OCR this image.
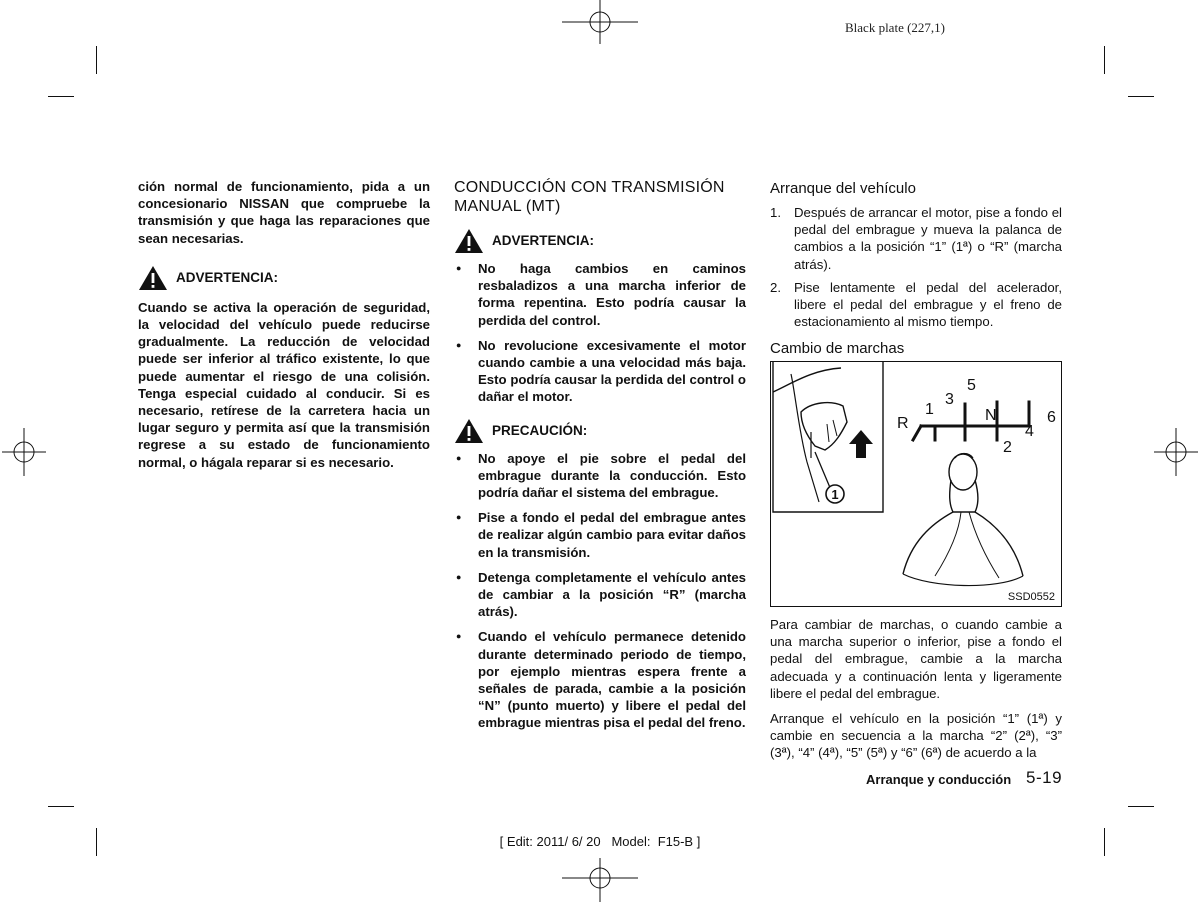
Black plate (227,1)

ción normal de funcionamiento, pida a un concesionario NISSAN que compruebe la transmisión y que haga las reparaciones que sean necesarias.

ADVERTENCIA:

Cuando se activa la operación de seguridad, la velocidad del vehículo puede reducirse gradualmente. La reducción de velocidad puede ser inferior al tráfico existente, lo que puede aumentar el riesgo de una colisión. Tenga especial cuidado al conducir. Si es necesario, retírese de la carretera hacia un lugar seguro y permita así que la transmisión regrese a su estado de funcionamiento normal, o hágala reparar si es necesario.

CONDUCCIÓN CON TRANSMISIÓN MANUAL (MT)
ADVERTENCIA:
● No haga cambios en caminos resbaladizos a una marcha inferior de forma repentina. Esto podría causar la perdida del control.
● No revolucione excesivamente el motor cuando cambie a una velocidad más baja. Esto podría causar la perdida del control o dañar el motor.
PRECAUCIÓN:
● No apoye el pie sobre el pedal del embrague durante la conducción. Esto podría dañar el sistema del embrague.
● Pise a fondo el pedal del embrague antes de realizar algún cambio para evitar daños en la transmisión.
● Detenga completamente el vehículo antes de cambiar a la posición “R” (marcha atrás).
● Cuando el vehículo permanece detenido durante determinado periodo de tiempo, por ejemplo mientras espera frente a señales de parada, cambie a la posición “N” (punto muerto) y libere el pedal del embrague mientras pisa el pedal del freno.
Arranque del vehículo
1. Después de arrancar el motor, pise a fondo el pedal del embrague y mueva la palanca de cambios a la posición “1” (1ª) o “R” (marcha atrás).
2. Pise lentamente el pedal del acelerador, libere el pedal del embrague y el freno de estacionamiento al mismo tiempo.
Cambio de marchas
1
5
3
1	N
R	4
6
2
SSD0552

Para cambiar de marchas, o cuando cambie a una marcha superior o inferior, pise a fondo el pedal del embrague, cambie a la marcha adecuada y a continuación lenta y ligeramente libere el pedal del embrague.

Arranque el vehículo en la posición “1” (1ª) y cambie en secuencia a la marcha “2” (2ª), “3” (3ª), “4” (4ª), “5” (5ª) y “6” (6ª) de acuerdo a la

Arranque y conducción 5-19
[ Edit: 2011/ 6/ 20   Model:  F15-B ]
